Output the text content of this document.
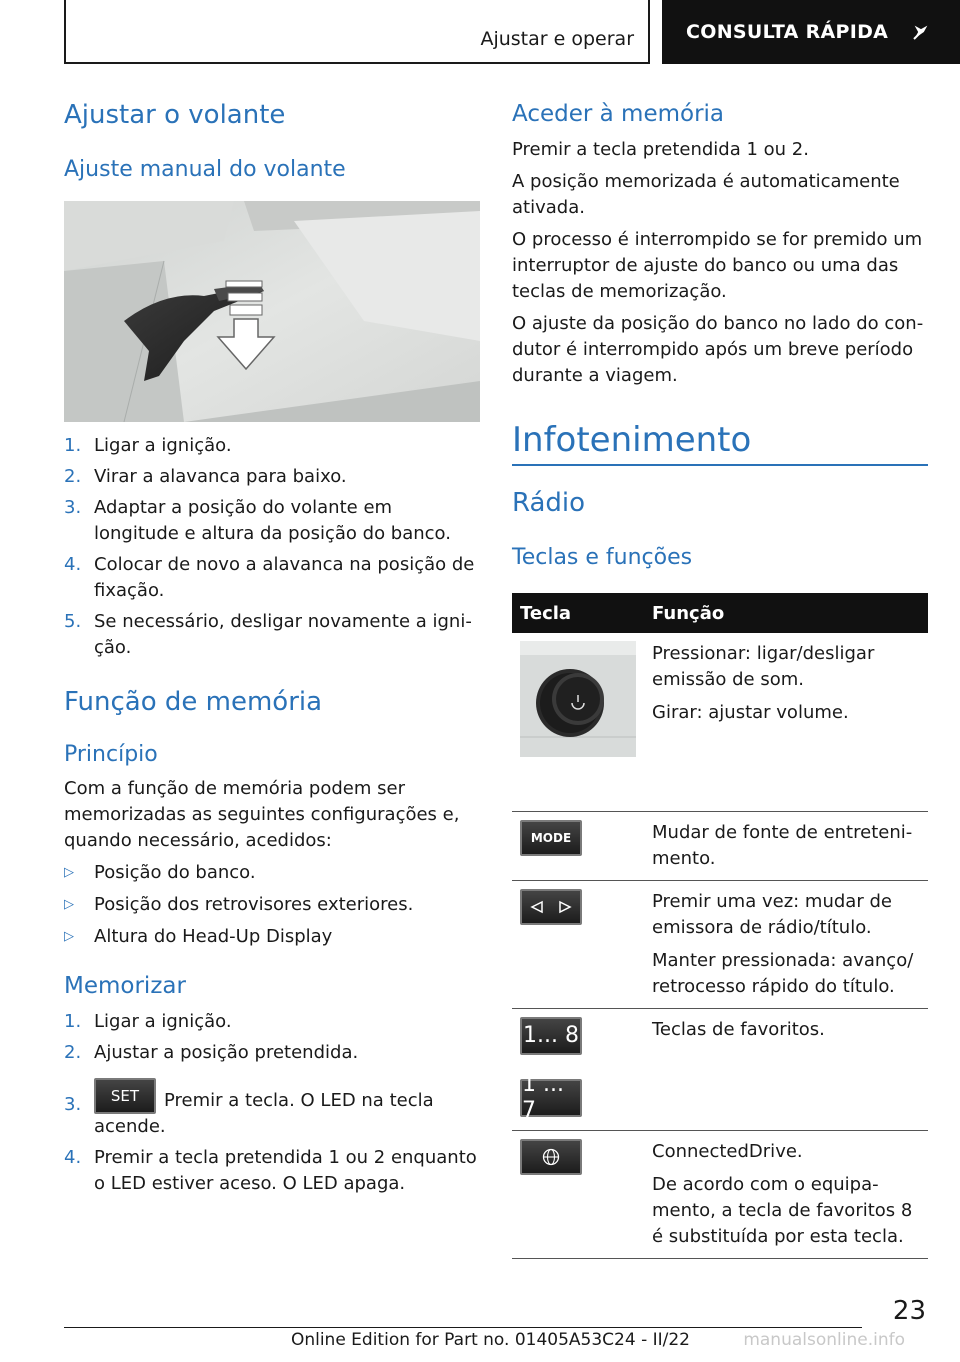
Ajustar e operar	CONSULTA RÁPIDA
Ajustar o volante
Ajuste manual do volante
1. Ligar a ignição.
2. Virar a alavanca para baixo.
3. Adaptar a posição do volante em longitude e altura da posição do banco.
4. Colocar de novo a alavanca na posição de fixação.
5. Se necessário, desligar novamente a ignição.
Função de memória
Princípio

Com a função de memória podem ser memorizadas as seguintes configurações e, quando necessário, acedidos:

▷ Posição do banco.
▷ Posição dos retrovisores exteriores.
▷ Altura do Head-Up Display
Memorizar
1. Ligar a ignição.
2. Ajustar a posição pretendida.
3. SET Premir a tecla. O LED na tecla acende.
4. Premir a tecla pretendida 1 ou 2 enquanto o LED estiver aceso. O LED apaga.
Aceder à memória

Premir a tecla pretendida 1 ou 2.

A posição memorizada é automaticamente ativada.

O processo é interrompido se for premido um interruptor de ajuste do banco ou uma das teclas de memorização.

O ajuste da posição do banco no lado do condutor é interrompido após um breve período durante a viagem.

Infotenimento
Rádio
Teclas e funções
Tecla	Função

Pressionar: ligar/desligar emissão de som.

Girar: ajustar volume.

MODE	Mudar de fonte de entretenimento.

Premir uma vez: mudar de emissora de rádio/título.

Manter pressionada: avanço/ retrocesso rápido do título.

1... 8
1 ... 7	Teclas de favoritos.

ConnectedDrive.

De acordo com o equipamento, a tecla de favoritos 8 é substituída por esta tecla.

23
Online Edition for Part no. 01405A53C24 - II/22	manualsonline.info
